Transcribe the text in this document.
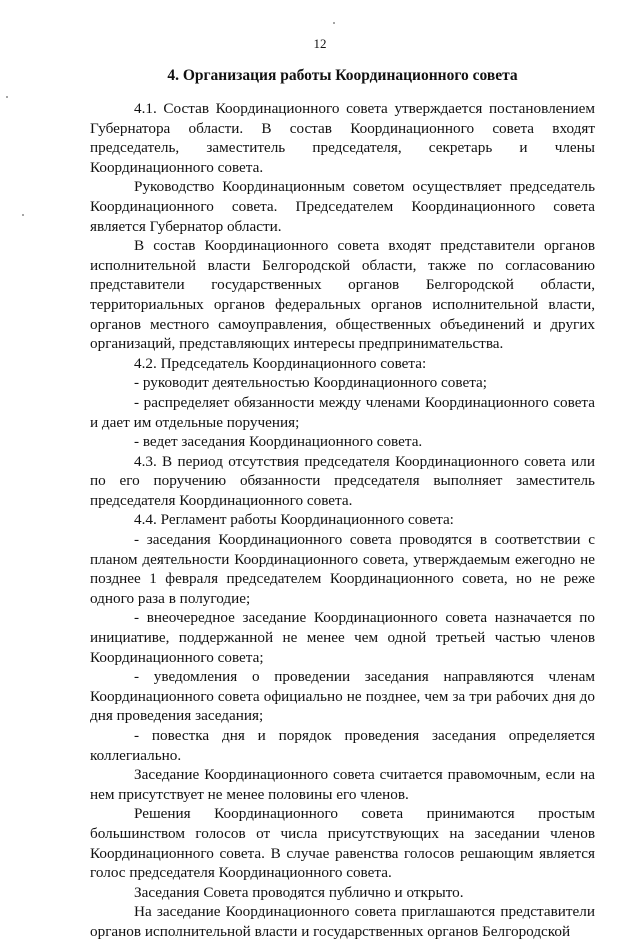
12
4. Организация работы Координационного совета

4.1. Состав Координационного совета утверждается постановлением Губернатора области. В состав Координационного совета входят председатель, заместитель председателя, секретарь и члены Координационного совета.

Руководство Координационным советом осуществляет председатель Координационного совета. Председателем Координационного совета является Губернатор области.

В состав Координационного совета входят представители органов исполнительной власти Белгородской области, также по согласованию представители государственных органов Белгородской области, территориальных органов федеральных органов исполнительной власти, органов местного самоуправления, общественных объединений и других организаций, представляющих интересы предпринимательства.

4.2. Председатель Координационного совета:

- руководит деятельностью Координационного совета;

- распределяет обязанности между членами Координационного совета и дает им отдельные поручения;

- ведет заседания Координационного совета.

4.3. В период отсутствия председателя Координационного совета или по его поручению обязанности председателя выполняет заместитель председателя Координационного совета.

4.4. Регламент работы Координационного совета:

- заседания Координационного совета проводятся в соответствии с планом деятельности Координационного совета, утверждаемым ежегодно не позднее 1 февраля председателем Координационного совета, но не реже одного раза в полугодие;

- внеочередное заседание Координационного совета назначается по инициативе, поддержанной не менее чем одной третьей частью членов Координационного совета;

- уведомления о проведении заседания направляются членам Координационного совета официально не позднее, чем за три рабочих дня до дня проведения заседания;

- повестка дня и порядок проведения заседания определяется коллегиально.

Заседание Координационного совета считается правомочным, если на нем присутствует не менее половины его членов.

Решения Координационного совета принимаются простым большинством голосов от числа присутствующих на заседании членов Координационного совета. В случае равенства голосов решающим является голос председателя Координационного совета.

Заседания Совета проводятся публично и открыто.

На заседание Координационного совета приглашаются представители органов исполнительной власти и государственных органов Белгородской
